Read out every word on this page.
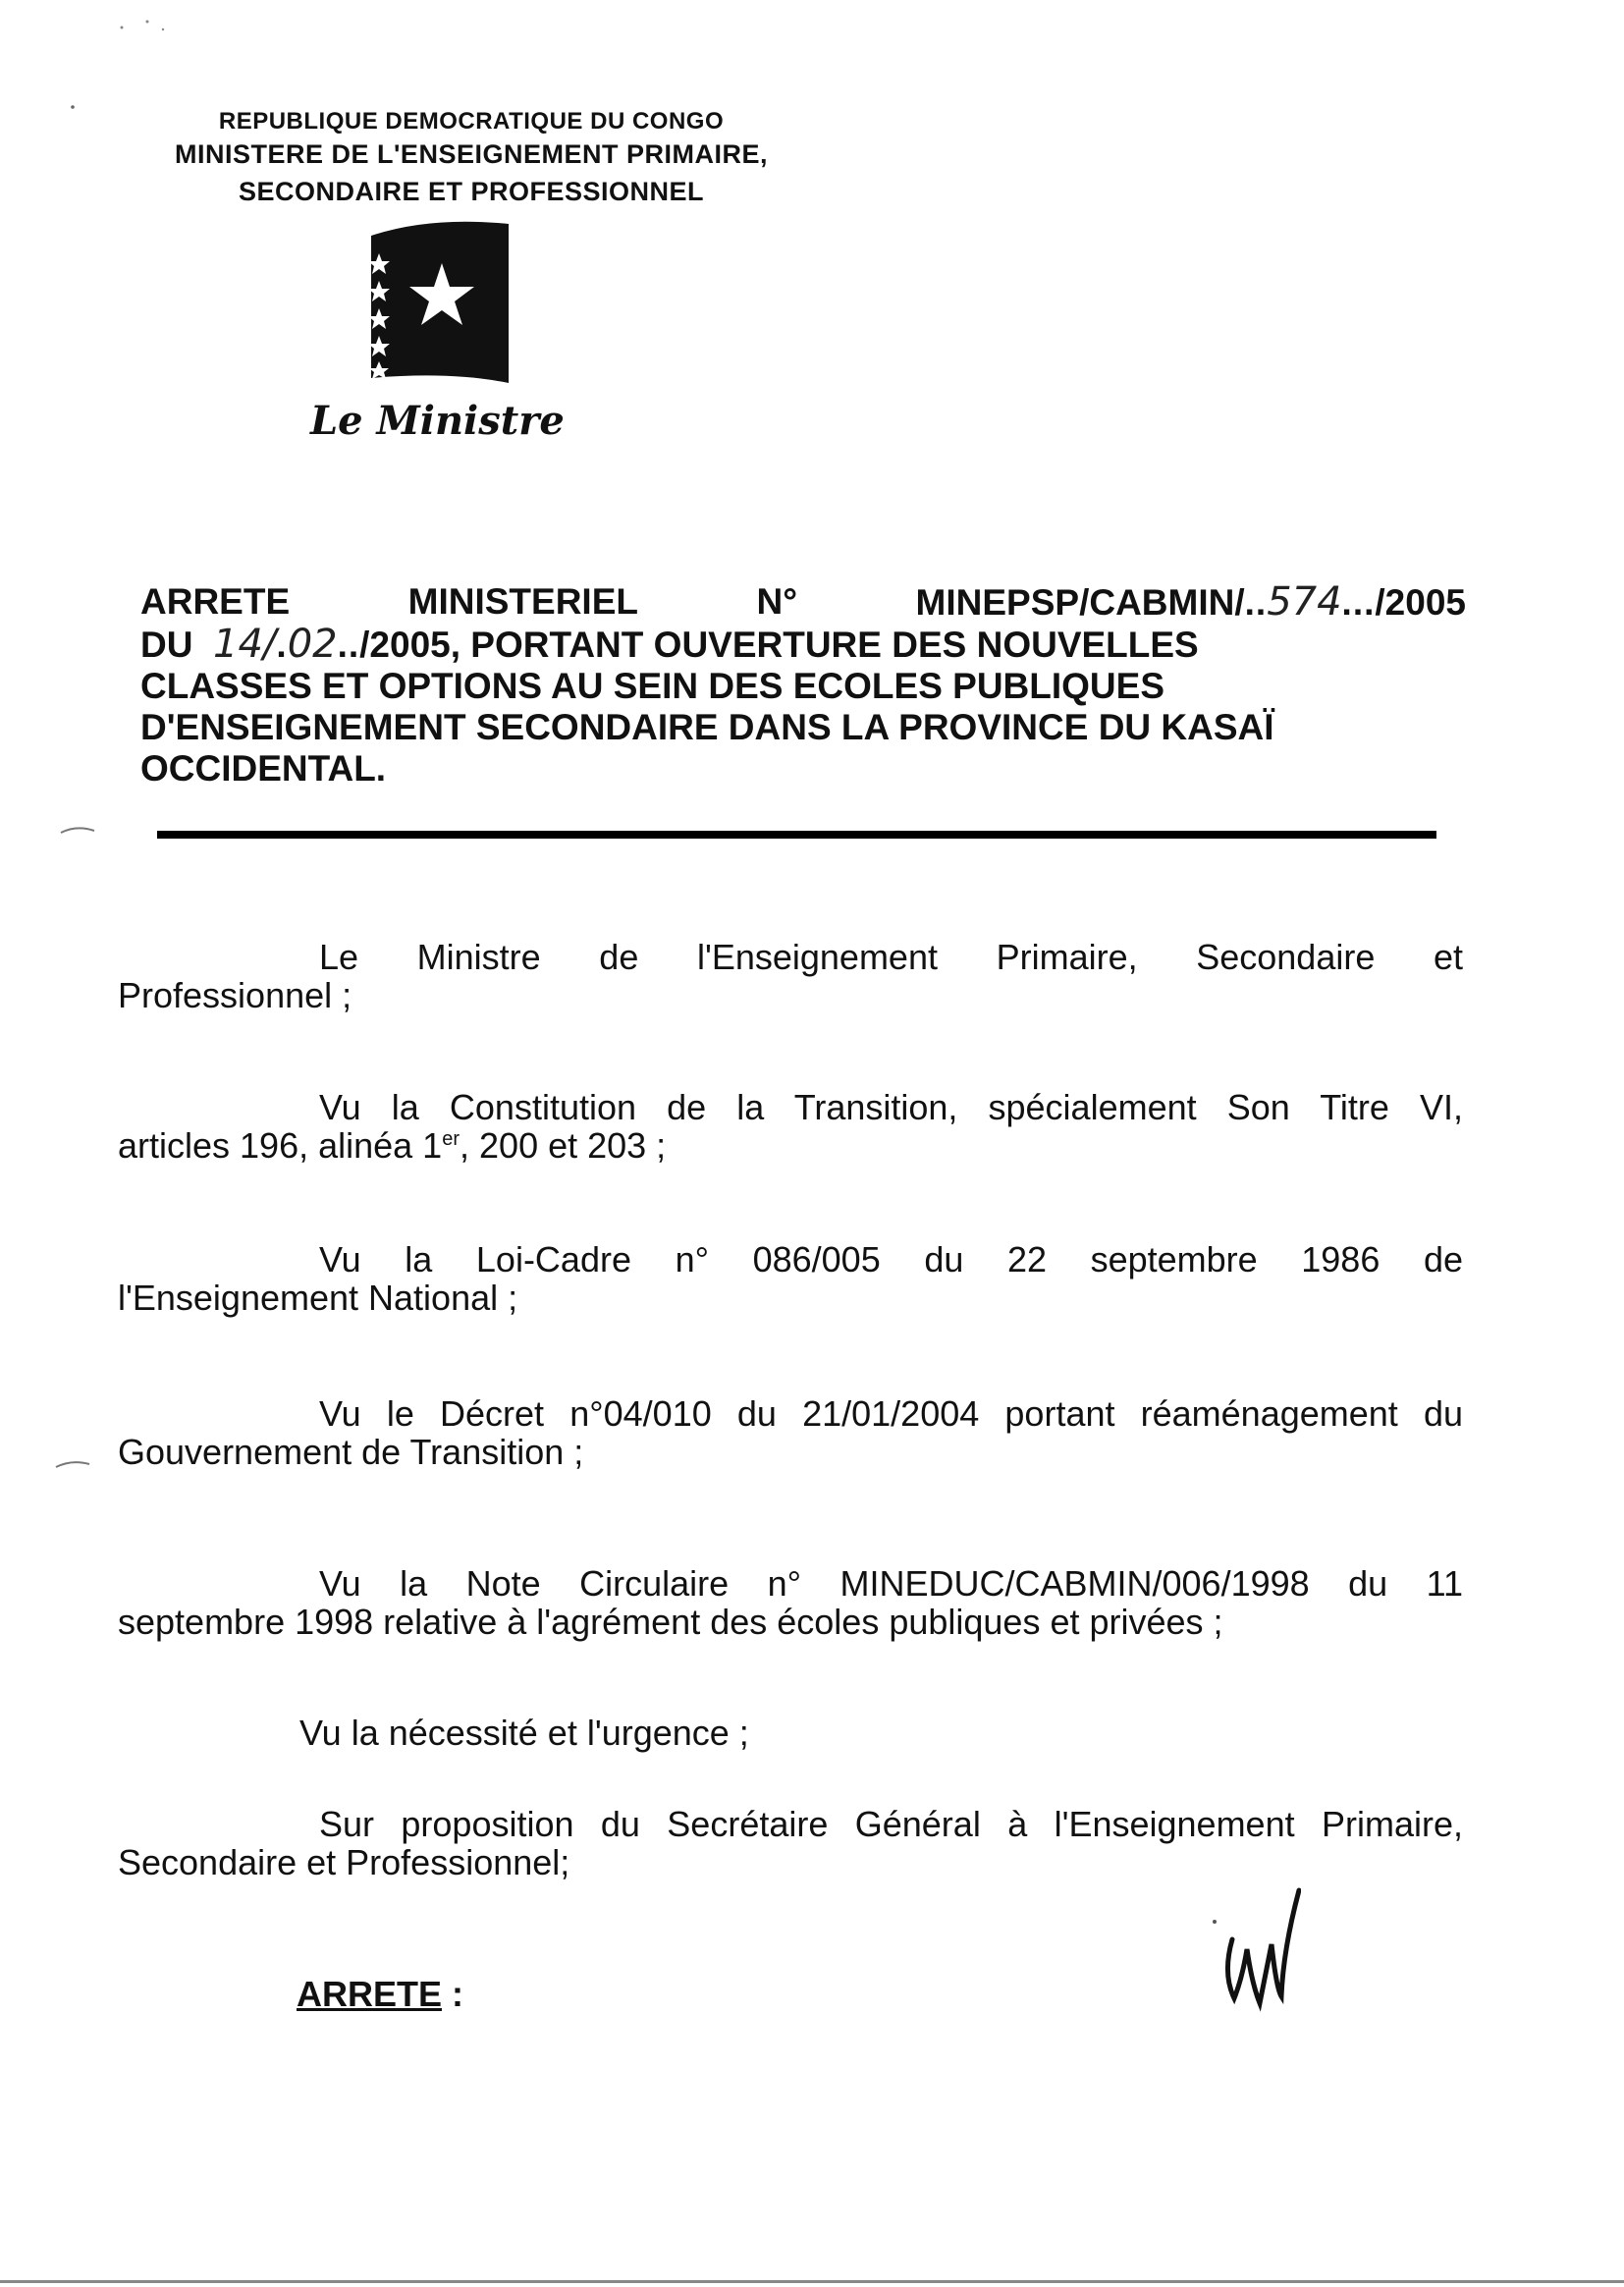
REPUBLIQUE DEMOCRATIQUE DU CONGO
MINISTERE DE L'ENSEIGNEMENT PRIMAIRE,
SECONDAIRE ET PROFESSIONNEL
Le Ministre
ARRETE	MINISTERIEL	N°	MINEPSP/CABMIN/..574.../2005
DU 14/.02../2005, PORTANT OUVERTURE DES NOUVELLES
CLASSES ET OPTIONS AU SEIN DES ECOLES PUBLIQUES
D'ENSEIGNEMENT SECONDAIRE DANS LA PROVINCE DU KASAÏ
OCCIDENTAL.

Le Ministre de l'Enseignement Primaire, Secondaire et

Professionnel ;

Vu la Constitution de la Transition, spécialement Son Titre VI,

articles 196, alinéa 1er, 200 et 203 ;

Vu la Loi-Cadre n° 086/005 du 22 septembre 1986 de

l'Enseignement National ;

Vu le Décret n°04/010 du 21/01/2004 portant réaménagement du

Gouvernement de Transition ;

Vu la Note Circulaire n° MINEDUC/CABMIN/006/1998 du 11

septembre 1998 relative à l'agrément des écoles publiques et privées ;

Vu la nécessité et l'urgence ;

Sur proposition du Secrétaire Général à l'Enseignement Primaire,

Secondaire et Professionnel;

ARRETE :
